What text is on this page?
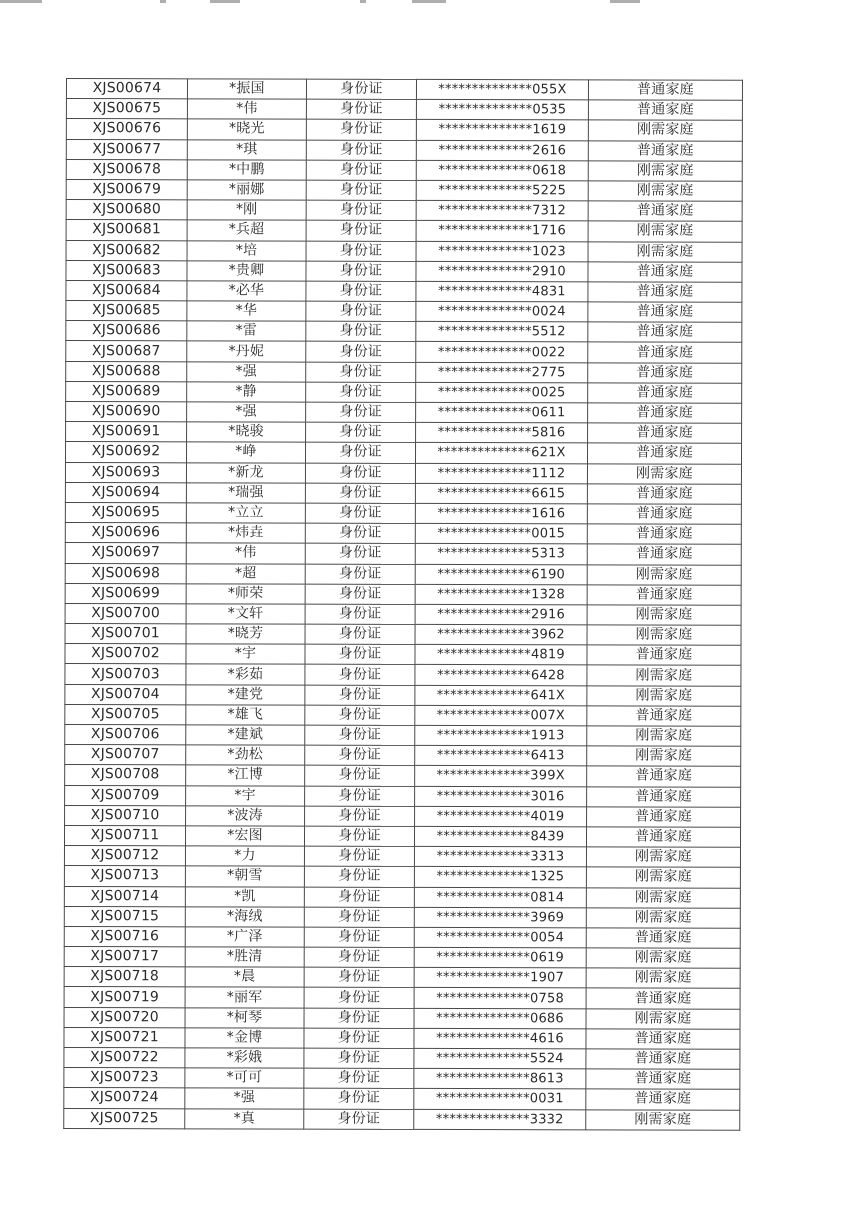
XJS00674	*振国	身份证	**************055X	普通家庭
XJS00675	*伟	身份证	**************0535	普通家庭
XJS00676	*晓光	身份证	**************1619	刚需家庭
XJS00677	*琪	身份证	**************2616	普通家庭
XJS00678	*中鹏	身份证	**************0618	刚需家庭
XJS00679	*丽娜	身份证	**************5225	刚需家庭
XJS00680	*刚	身份证	**************7312	普通家庭
XJS00681	*兵超	身份证	**************1716	刚需家庭
XJS00682	*培	身份证	**************1023	刚需家庭
XJS00683	*贵卿	身份证	**************2910	普通家庭
XJS00684	*必华	身份证	**************4831	普通家庭
XJS00685	*华	身份证	**************0024	普通家庭
XJS00686	*雷	身份证	**************5512	普通家庭
XJS00687	*丹妮	身份证	**************0022	普通家庭
XJS00688	*强	身份证	**************2775	普通家庭
XJS00689	*静	身份证	**************0025	普通家庭
XJS00690	*强	身份证	**************0611	普通家庭
XJS00691	*晓骏	身份证	**************5816	普通家庭
XJS00692	*峥	身份证	**************621X	普通家庭
XJS00693	*新龙	身份证	**************1112	刚需家庭
XJS00694	*瑞强	身份证	**************6615	普通家庭
XJS00695	*立立	身份证	**************1616	普通家庭
XJS00696	*炜垚	身份证	**************0015	普通家庭
XJS00697	*伟	身份证	**************5313	普通家庭
XJS00698	*超	身份证	**************6190	刚需家庭
XJS00699	*师荣	身份证	**************1328	普通家庭
XJS00700	*文轩	身份证	**************2916	刚需家庭
XJS00701	*晓芳	身份证	**************3962	刚需家庭
XJS00702	*宇	身份证	**************4819	普通家庭
XJS00703	*彩茹	身份证	**************6428	刚需家庭
XJS00704	*建党	身份证	**************641X	刚需家庭
XJS00705	*雄飞	身份证	**************007X	普通家庭
XJS00706	*建斌	身份证	**************1913	刚需家庭
XJS00707	*劲松	身份证	**************6413	刚需家庭
XJS00708	*江博	身份证	**************399X	普通家庭
XJS00709	*宇	身份证	**************3016	普通家庭
XJS00710	*波涛	身份证	**************4019	普通家庭
XJS00711	*宏图	身份证	**************8439	普通家庭
XJS00712	*力	身份证	**************3313	刚需家庭
XJS00713	*朝雪	身份证	**************1325	刚需家庭
XJS00714	*凯	身份证	**************0814	刚需家庭
XJS00715	*海绒	身份证	**************3969	刚需家庭
XJS00716	*广泽	身份证	**************0054	普通家庭
XJS00717	*胜清	身份证	**************0619	刚需家庭
XJS00718	*晨	身份证	**************1907	刚需家庭
XJS00719	*丽军	身份证	**************0758	普通家庭
XJS00720	*柯琴	身份证	**************0686	刚需家庭
XJS00721	*金博	身份证	**************4616	普通家庭
XJS00722	*彩娥	身份证	**************5524	普通家庭
XJS00723	*可可	身份证	**************8613	普通家庭
XJS00724	*强	身份证	**************0031	普通家庭
XJS00725	*真	身份证	**************3332	刚需家庭
